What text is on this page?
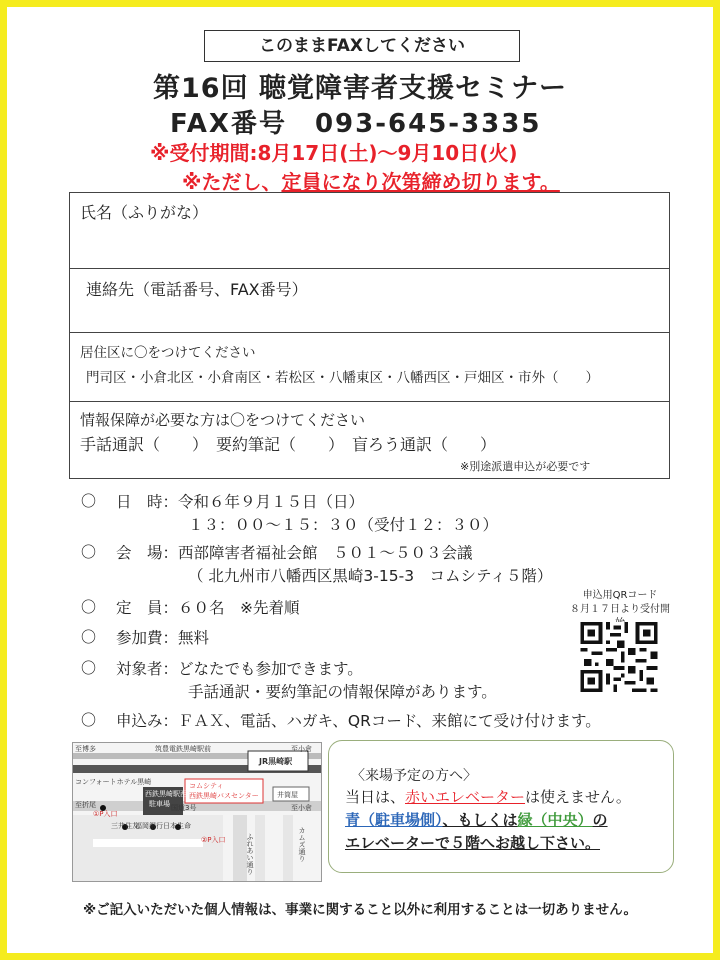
このままFAXしてください
第16回 聴覚障害者支援セミナー
FAX番号　093-645-3335
※受付期間:8月17日(土)～9月10日(火)
※ただし、定員になり次第締め切ります。
氏名（ふりがな）
連絡先（電話番号、FAX番号）
居住区に〇をつけてください
門司区・小倉北区・小倉南区・若松区・八幡東区・八幡西区・戸畑区・市外（　　）
情報保障が必要な方は〇をつけてください
手話通訳（　　）　要約筆記（　　）　盲ろう通訳（　　）
※別途派遣申込が必要です
〇 日　時：令和６年９月１５日（日）
１３：００～１５：３０（受付１２：３０）
〇 会　場：西部障害者福祉会館　５０１～５０３会議
（ 北九州市八幡西区黒崎3-15-3　コムシティ５階）
〇 定　員：６０名　※先着順
〇 参加費：無料
〇 対象者：どなたでも参加できます。
手話通訳・要約筆記の情報保障があります。
〇 申込み：ＦＡＸ、電話、ハガキ、QRコード、来館にて受け付けます。
申込用QRコード
８月１７日より受付開
至博多	筑豊電鉄黒崎駅前	至小倉
JR黒崎駅
コンフォートホテル黒崎
西鉄黒崎駅西
駐車場
コムシティ
西鉄黒崎バスセンター	井筒屋
至折尾
①P入口
国道3号	至小倉
三井住友
福岡銀行 日本生命
②P入口	ふれあい通り	カムズ通り
〈来場予定の方へ〉
当日は、赤いエレベーターは使えません。
青（駐車場側）、もしくは緑（中央）の
エレベーターで５階へお越し下さい。
※ご記入いただいた個人情報は、事業に関すること以外に利用することは一切ありません。
